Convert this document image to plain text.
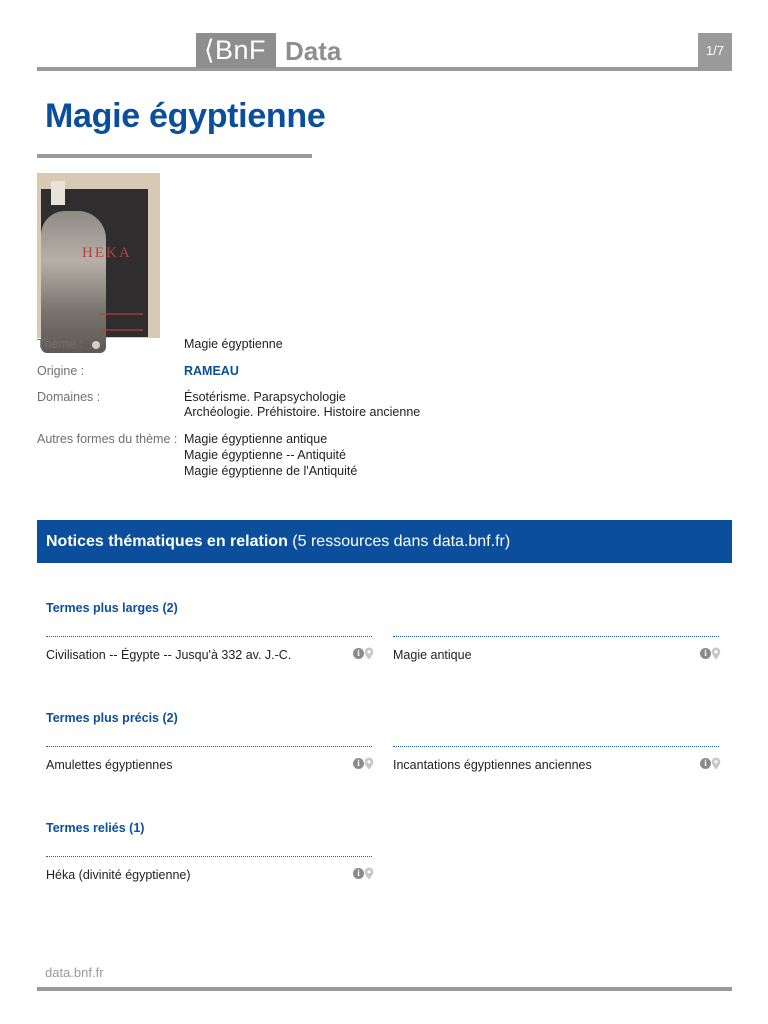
⟨BnF Data	1/7
Magie égyptienne
HEKA
Thème :	Magie égyptienne
Origine :	RAMEAU
Domaines :	Ésotérisme. Parapsychologie
Archéologie. Préhistoire. Histoire ancienne
Autres formes du thème : Magie égyptienne antique
Magie égyptienne -- Antiquité
Magie égyptienne de l'Antiquité
Notices thématiques en relation (5 ressources dans data.bnf.fr)
Termes plus larges (2)
Civilisation -- Égypte -- Jusqu'à 332 av. J.-C.	i	Magie antique	i
Termes plus précis (2)
Amulettes égyptiennes	i	Incantations égyptiennes anciennes	i
Termes reliés (1)
Héka (divinité égyptienne)	i
data.bnf.fr
